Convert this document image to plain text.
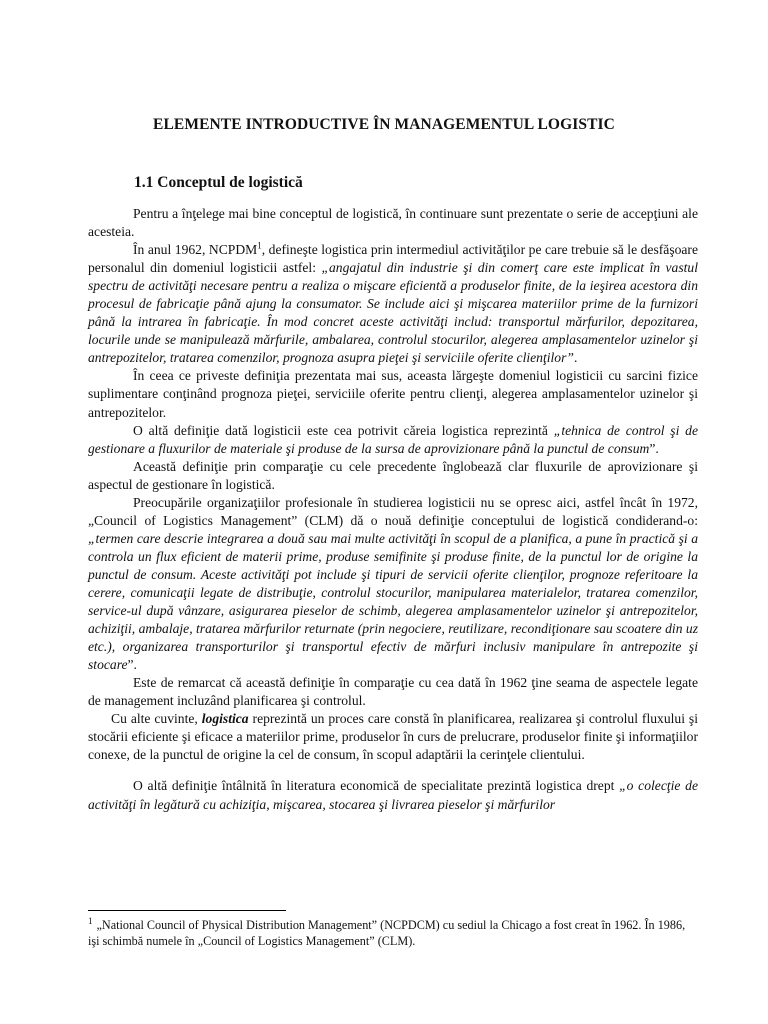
ELEMENTE INTRODUCTIVE ÎN MANAGEMENTUL LOGISTIC
1.1 Conceptul de logistică

Pentru a înţelege mai bine conceptul de logistică, în continuare sunt prezentate o serie de accepţiuni ale acesteia.

În anul 1962, NCPDM$^1$, defineşte logistica prin intermediul activităţilor pe care trebuie să le desfăşoare personalul din domeniul logisticii astfel: „angajatul din industrie şi din comerţ care este implicat în vastul spectru de activităţi necesare pentru a realiza o mişcare eficientă a produselor finite, de la ieşirea acestora din procesul de fabricaţie până ajung la consumator. Se include aici şi mişcarea materiilor prime de la furnizori până la intrarea în fabricaţie. În mod concret aceste activităţi includ: transportul mărfurilor, depozitarea, locurile unde se manipulează mărfurile, ambalarea, controlul stocurilor, alegerea amplasamentelor uzinelor şi antrepozitelor, tratarea comenzilor, prognoza asupra pieţei şi serviciile oferite clienţilor”.

În ceea ce priveste definiţia prezentata mai sus, aceasta lărgeşte domeniul logisticii cu sarcini fizice suplimentare conţinând prognoza pieţei, serviciile oferite pentru clienţi, alegerea amplasamentelor uzinelor şi antrepozitelor.

O altă definiţie dată logisticii este cea potrivit căreia logistica reprezintă „tehnica de control şi de gestionare a fluxurilor de materiale şi produse de la sursa de aprovizionare până la punctul de consum”.

Această definiţie prin comparaţie cu cele precedente înglobează clar fluxurile de aprovizionare şi aspectul de gestionare în logistică.

Preocupările organizaţiilor profesionale în studierea logisticii nu se opresc aici, astfel încât în 1972, „Council of Logistics Management” (CLM) dă o nouă definiţie conceptului de logistică condiderand-o: „termen care descrie integrarea a două sau mai multe activităţi în scopul de a planifica, a pune în practică şi a controla un flux eficient de materii prime, produse semifinite şi produse finite, de la punctul lor de origine la punctul de consum. Aceste activităţi pot include şi tipuri de servicii oferite clienţilor, prognoze referitoare la cerere, comunicaţii legate de distribuţie, controlul stocurilor, manipularea materialelor, tratarea comenzilor, service-ul după vânzare, asigurarea pieselor de schimb, alegerea amplasamentelor uzinelor şi antrepozitelor, achiziţii, ambalaje, tratarea mărfurilor returnate (prin negociere, reutilizare, recondiţionare sau scoatere din uz etc.), organizarea transporturilor şi transportul efectiv de mărfuri inclusiv manipulare în antrepozite şi stocare”.

Este de remarcat că această definiţie în comparaţie cu cea dată în 1962 ţine seama de aspectele legate de management incluzând planificarea şi controlul.

Cu alte cuvinte, logistica reprezintă un proces care constă în planificarea, realizarea şi controlul fluxului şi stocării eficiente şi eficace a materiilor prime, produselor în curs de prelucrare, produselor finite şi informaţiilor conexe, de la punctul de origine la cel de consum, în scopul adaptării la cerinţele clientului.

O altă definiţie întâlnită în literatura economică de specialitate prezintă logistica drept „o colecţie de activităţi în legătură cu achiziţia, mişcarea, stocarea şi livrarea pieselor şi mărfurilor

$^1$ „National Council of Physical Distribution Management” (NCPDCM) cu sediul la Chicago a fost creat în 1962. În 1986, işi schimbă numele în „Council of Logistics Management” (CLM).
